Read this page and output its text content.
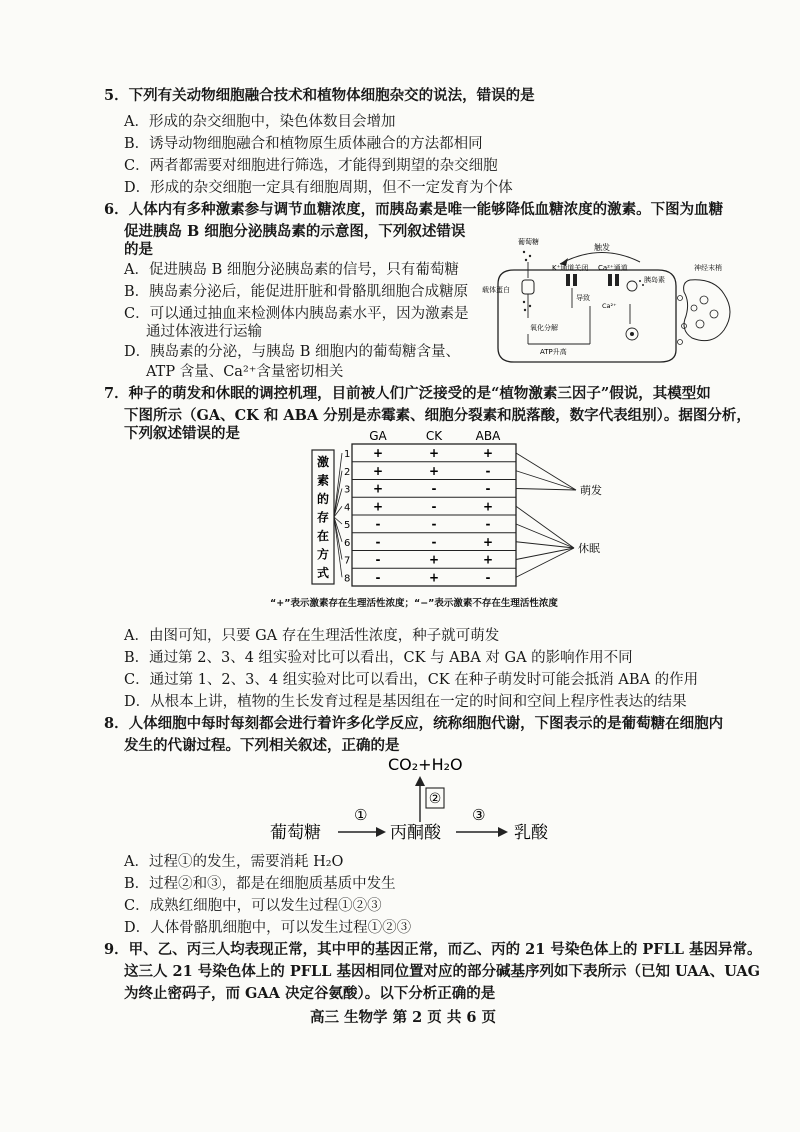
5．下列有关动物细胞融合技术和植物体细胞杂交的说法，错误的是
A．形成的杂交细胞中，染色体数目会增加
B．诱导动物细胞融合和植物原生质体融合的方法都相同
C．两者都需要对细胞进行筛选，才能得到期望的杂交细胞
D．形成的杂交细胞一定具有细胞周期，但不一定发育为个体
6．人体内有多种激素参与调节血糖浓度，而胰岛素是唯一能够降低血糖浓度的激素。下图为血糖
促进胰岛 B 细胞分泌胰岛素的示意图，下列叙述错误
的是
A．促进胰岛 B 细胞分泌胰岛素的信号，只有葡萄糖
B．胰岛素分泌后，能促进肝脏和骨骼肌细胞合成糖原
C．可以通过抽血来检测体内胰岛素水平，因为激素是
通过体液进行运输
D．胰岛素的分泌，与胰岛 B 细胞内的葡萄糖含量、
ATP 含量、Ca²⁺含量密切相关
触发
葡萄糖
载体蛋白
氧化分解
ATP升高
K⁺通道关闭
导致
Ca²⁺通道
Ca²⁺
胰岛素
神经末梢
7．种子的萌发和休眠的调控机理，目前被人们广泛接受的是“植物激素三因子”假说，其模型如
下图所示（GA、CK 和 ABA 分别是赤霉素、细胞分裂素和脱落酸，数字代表组别）。据图分析，
下列叙述错误的是
激
素
的
存
在
方
式
GA	CK	ABA
1 +	+	+
2 +	+	-
3 +	-	-
4 +	-	+
5 -	-	-
6 -	-	+
7 -	+	+
8 -	+	-
萌发
休眠
“+”表示激素存在生理活性浓度；“−”表示激素不存在生理活性浓度
A．由图可知，只要 GA 存在生理活性浓度，种子就可萌发
B．通过第 2、3、4 组实验对比可以看出，CK 与 ABA 对 GA 的影响作用不同
C．通过第 1、2、3、4 组实验对比可以看出，CK 在种子萌发时可能会抵消 ABA 的作用
D．从根本上讲，植物的生长发育过程是基因组在一定的时间和空间上程序性表达的结果
8．人体细胞中每时每刻都会进行着许多化学反应，统称细胞代谢，下图表示的是葡萄糖在细胞内
发生的代谢过程。下列相关叙述，正确的是
CO₂+H₂O
②
葡萄糖
①
丙酮酸
③
乳酸
A．过程①的发生，需要消耗 H₂O
B．过程②和③，都是在细胞质基质中发生
C．成熟红细胞中，可以发生过程①②③
D．人体骨骼肌细胞中，可以发生过程①②③
9．甲、乙、丙三人均表现正常，其中甲的基因正常，而乙、丙的 21 号染色体上的 PFLL 基因异常。
这三人 21 号染色体上的 PFLL 基因相同位置对应的部分碱基序列如下表所示（已知 UAA、UAG
为终止密码子，而 GAA 决定谷氨酸）。以下分析正确的是
高三 生物学 第 2 页 共 6 页
